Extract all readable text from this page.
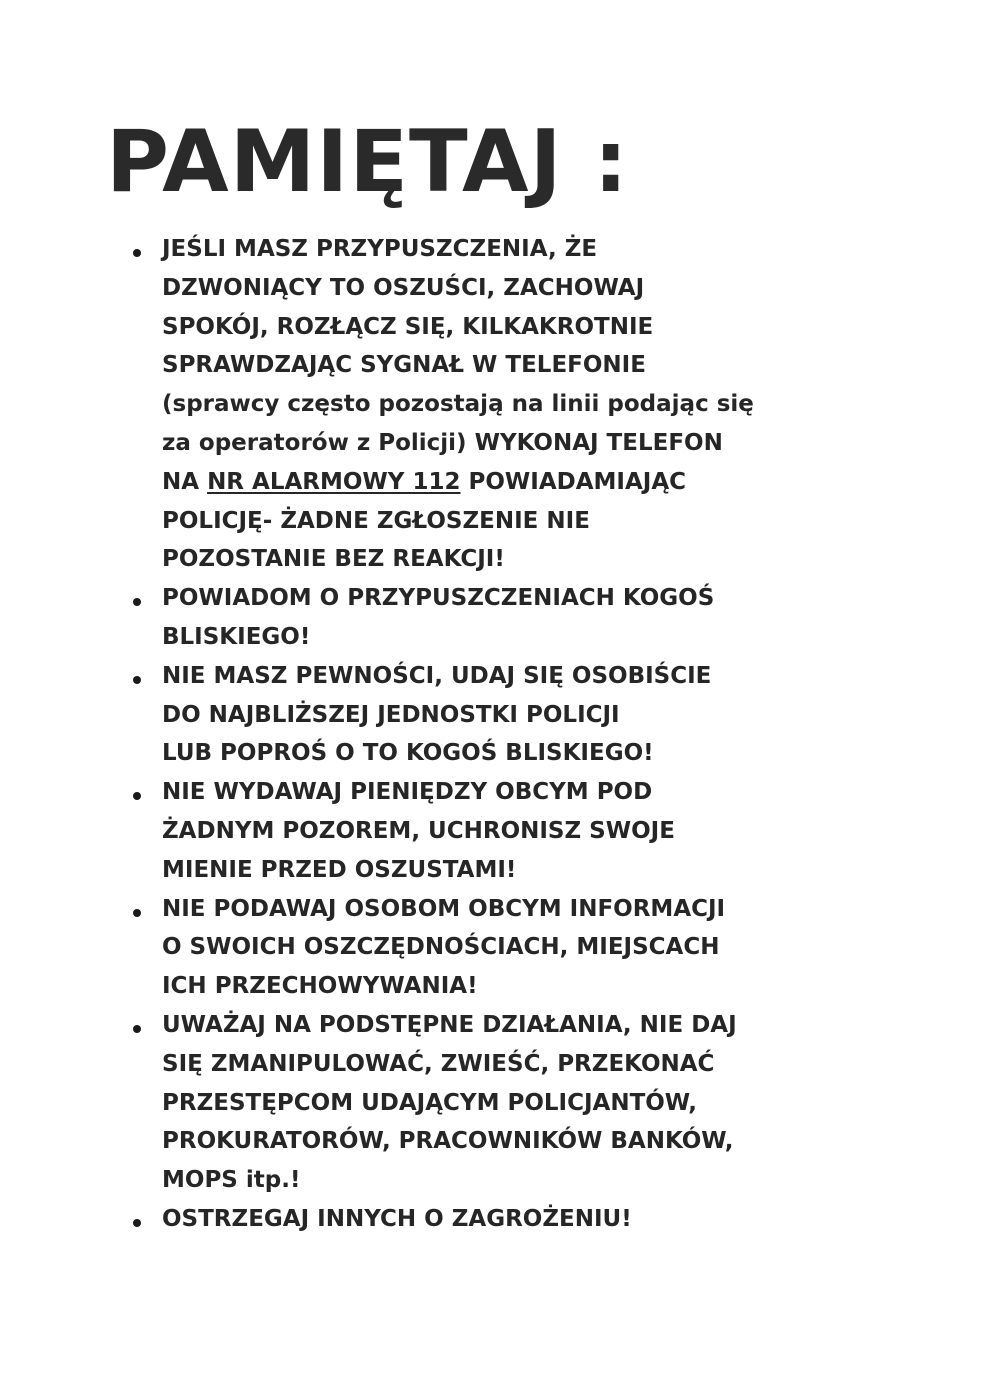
PAMIĘTAJ :
JEŚLI MASZ PRZYPUSZCZENIA, ŻE
DZWONIĄCY TO OSZUŚCI, ZACHOWAJ
SPOKÓJ, ROZŁĄCZ SIĘ, KILKAKROTNIE
SPRAWDZAJĄC SYGNAŁ W TELEFONIE
(sprawcy często pozostają na linii podając się
za operatorów z Policji) WYKONAJ TELEFON
NA NR ALARMOWY 112 POWIADAMIAJĄC
POLICJĘ- ŻADNE ZGŁOSZENIE NIE
POZOSTANIE BEZ REAKCJI!
POWIADOM O PRZYPUSZCZENIACH KOGOŚ
BLISKIEGO!
NIE MASZ PEWNOŚCI, UDAJ SIĘ OSOBIŚCIE
DO NAJBLIŻSZEJ JEDNOSTKI POLICJI
LUB POPROŚ O TO KOGOŚ BLISKIEGO!
NIE WYDAWAJ PIENIĘDZY OBCYM POD
ŻADNYM POZOREM, UCHRONISZ SWOJE
MIENIE PRZED OSZUSTAMI!
NIE PODAWAJ OSOBOM OBCYM INFORMACJI
O SWOICH OSZCZĘDNOŚCIACH, MIEJSCACH
ICH PRZECHOWYWANIA!
UWAŻAJ NA PODSTĘPNE DZIAŁANIA, NIE DAJ
SIĘ ZMANIPULOWAĆ, ZWIEŚĆ, PRZEKONAĆ
PRZESTĘPCOM UDAJĄCYM POLICJANTÓW,
PROKURATORÓW, PRACOWNIKÓW BANKÓW,
MOPS itp.!
OSTRZEGAJ INNYCH O ZAGROŻENIU!
